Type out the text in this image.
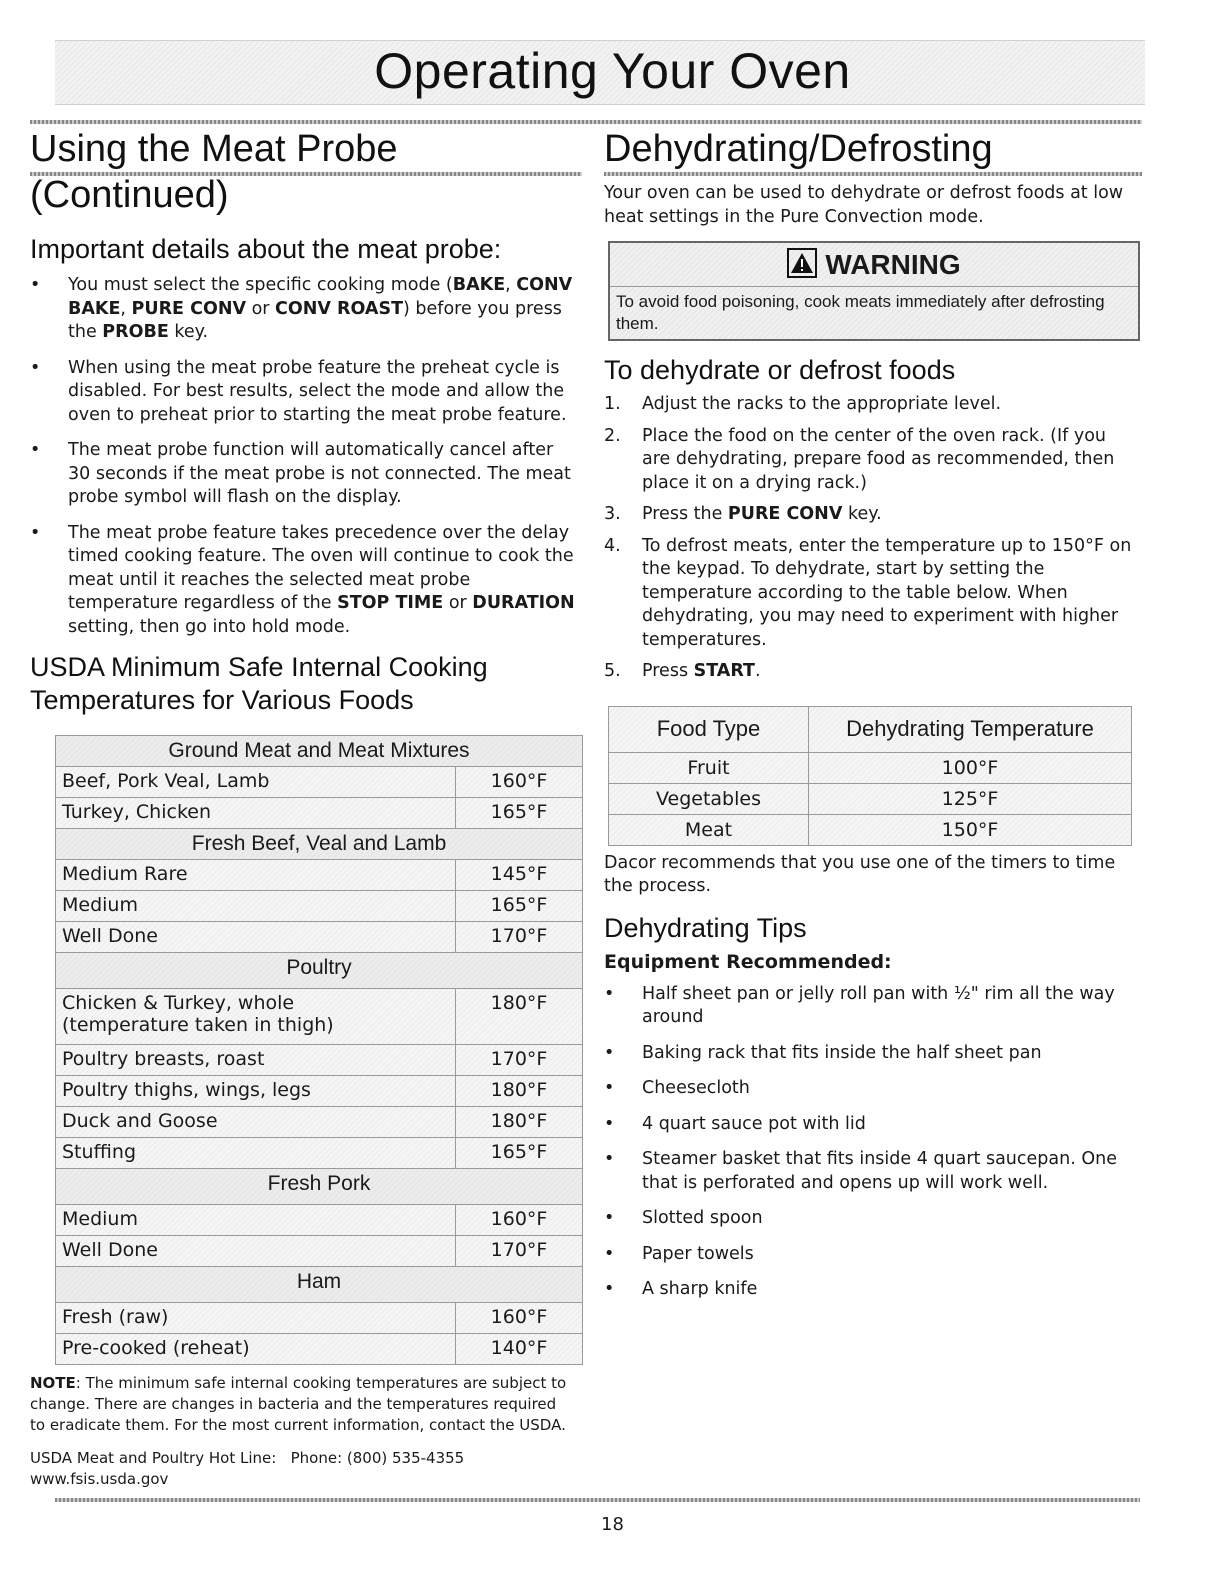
Operating Your Oven
Using the Meat Probe (Continued)
Important details about the meat probe:
• You must select the specific cooking mode (BAKE, CONV BAKE, PURE CONV or CONV ROAST) before you press the PROBE key.
• When using the meat probe feature the preheat cycle is disabled. For best results, select the mode and allow the oven to preheat prior to starting the meat probe feature.
• The meat probe function will automatically cancel after 30 seconds if the meat probe is not connected. The meat probe symbol will flash on the display.
• The meat probe feature takes precedence over the delay timed cooking feature. The oven will continue to cook the meat until it reaches the selected meat probe temperature regardless of the STOP TIME or DURATION setting, then go into hold mode.
USDA Minimum Safe Internal Cooking Temperatures for Various Foods
Ground Meat and Meat Mixtures	
Beef, Pork Veal, Lamb	160°F
Turkey, Chicken	165°F
Fresh Beef, Veal and Lamb	
Medium Rare	145°F
Medium	165°F
Well Done	170°F
Poultry	

Chicken & Turkey, whole
(temperature taken in thigh)	180°F
Poultry breasts, roast	170°F
Poultry thighs, wings, legs	180°F
Duck and Goose	180°F
Stuffing	165°F
Fresh Pork	
Medium	160°F
Well Done	170°F
Ham	
Fresh (raw)	160°F
Pre-cooked (reheat)	140°F
NOTE: The minimum safe internal cooking temperatures are subject to change. There are changes in bacteria and the temperatures required to eradicate them. For the most current information, contact the USDA.
USDA Meat and Poultry Hot Line: Phone: (800) 535-4355
www.fsis.usda.gov
Dehydrating/Defrosting

Your oven can be used to dehydrate or defrost foods at low heat settings in the Pure Convection mode.

WARNING
To avoid food poisoning, cook meats immediately after defrosting them.
To dehydrate or defrost foods
1. Adjust the racks to the appropriate level.
2. Place the food on the center of the oven rack. (If you are dehydrating, prepare food as recommended, then place it on a drying rack.)
3. Press the PURE CONV key.
4. To defrost meats, enter the temperature up to 150°F on the keypad. To dehydrate, start by setting the temperature according to the table below. When dehydrating, you may need to experiment with higher temperatures.
5. Press START.
Food Type	Dehydrating Temperature
Fruit	100°F
Vegetables	125°F
Meat	150°F

Dacor recommends that you use one of the timers to time the process.

Dehydrating Tips
Equipment Recommended:
• Half sheet pan or jelly roll pan with ½" rim all the way around
• Baking rack that fits inside the half sheet pan
• Cheesecloth
• 4 quart sauce pot with lid
• Steamer basket that fits inside 4 quart saucepan. One that is perforated and opens up will work well.
• Slotted spoon
• Paper towels
• A sharp knife
18
